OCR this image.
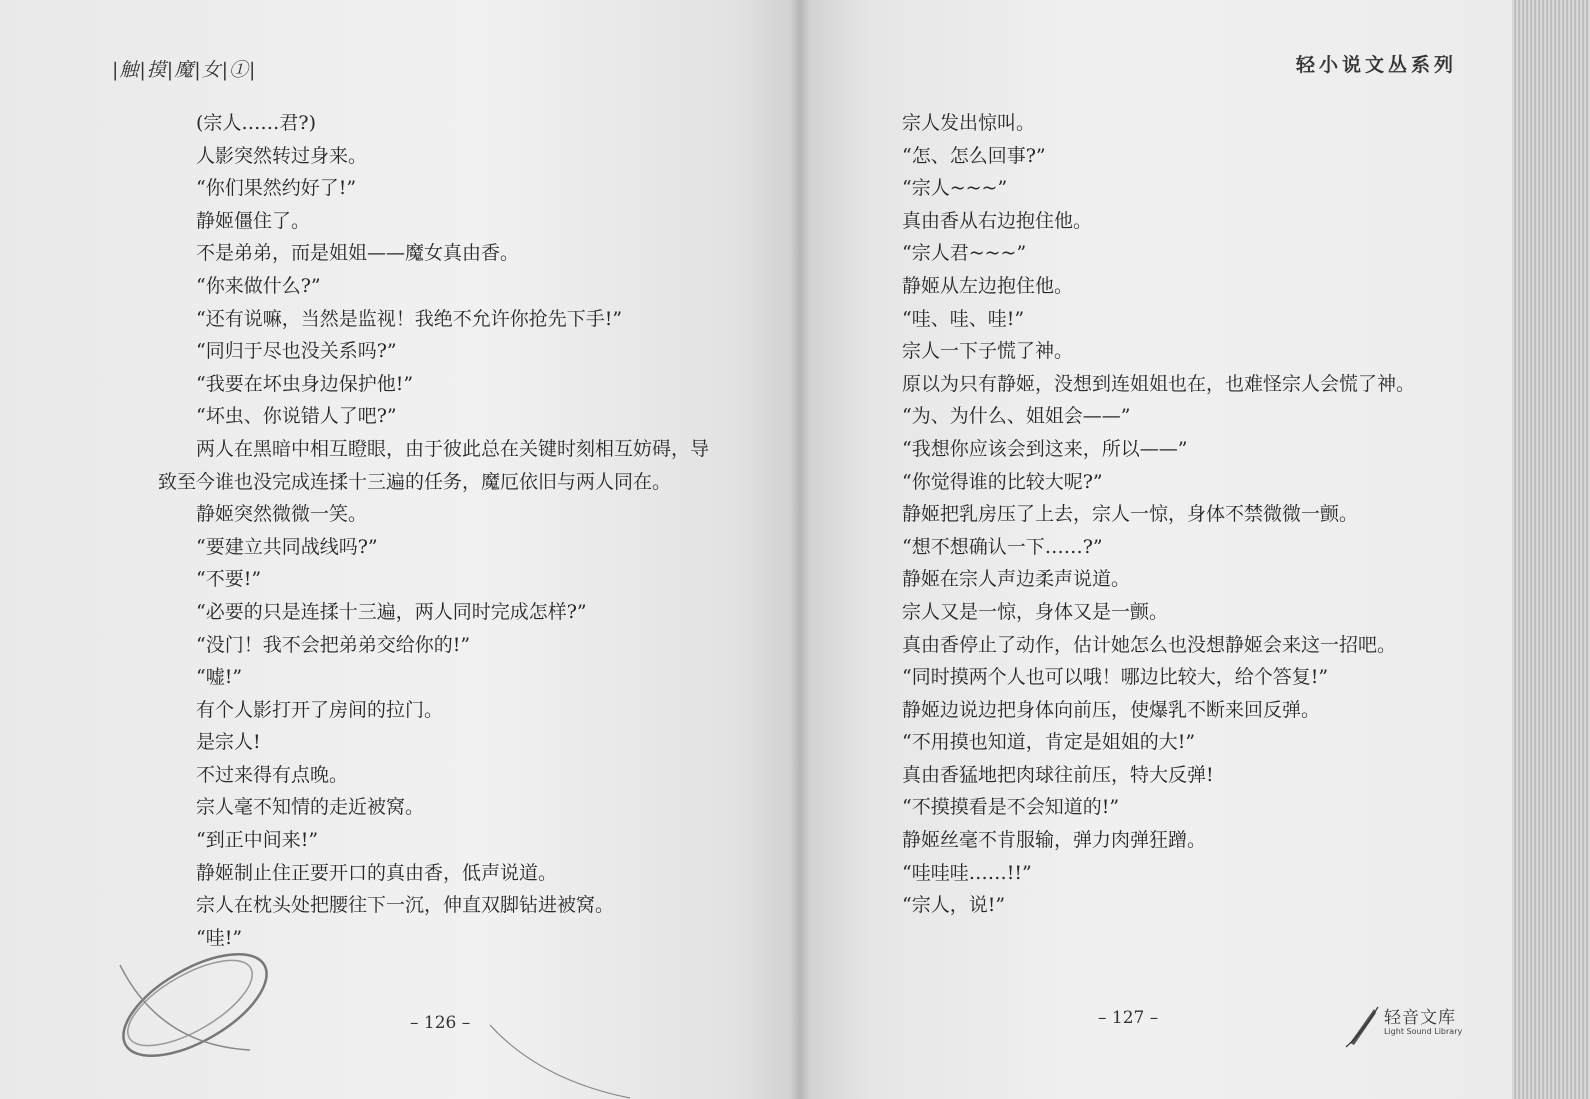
|触|摸|魔|女|①|	轻小说文丛系列

(宗人……君?)

人影突然转过身来。

“你们果然约好了!”

静姬僵住了。

不是弟弟，而是姐姐——魔女真由香。

“你来做什么?”

“还有说嘛，当然是监视！我绝不允许你抢先下手!”

“同归于尽也没关系吗?”

“我要在坏虫身边保护他!”

“坏虫、你说错人了吧?”

两人在黑暗中相互瞪眼，由于彼此总在关键时刻相互妨碍，导致至今谁也没完成连揉十三遍的任务，魔厄依旧与两人同在。

静姬突然微微一笑。

“要建立共同战线吗?”

“不要!”

“必要的只是连揉十三遍，两人同时完成怎样?”

“没门！我不会把弟弟交给你的!”

“嘘!”

有个人影打开了房间的拉门。

是宗人!

不过来得有点晚。

宗人毫不知情的走近被窝。

“到正中间来!”

静姬制止住正要开口的真由香，低声说道。

宗人在枕头处把腰往下一沉，伸直双脚钻进被窝。

“哇!”

宗人发出惊叫。

“怎、怎么回事?”

“宗人~~~”

真由香从右边抱住他。

“宗人君~~~”

静姬从左边抱住他。

“哇、哇、哇!”

宗人一下子慌了神。

原以为只有静姬，没想到连姐姐也在，也难怪宗人会慌了神。

“为、为什么、姐姐会——”

“我想你应该会到这来，所以——”

“你觉得谁的比较大呢?”

静姬把乳房压了上去，宗人一惊，身体不禁微微一颤。

“想不想确认一下……?”

静姬在宗人声边柔声说道。

宗人又是一惊，身体又是一颤。

真由香停止了动作，估计她怎么也没想静姬会来这一招吧。

“同时摸两个人也可以哦！哪边比较大，给个答复!”

静姬边说边把身体向前压，使爆乳不断来回反弹。

“不用摸也知道，肯定是姐姐的大!”

真由香猛地把肉球往前压，特大反弹!

“不摸摸看是不会知道的!”

静姬丝毫不肯服输，弹力肉弹狂蹭。

“哇哇哇……!!”

“宗人，说!”

– 126 –	– 127 –	轻音文库
Light Sound Library
